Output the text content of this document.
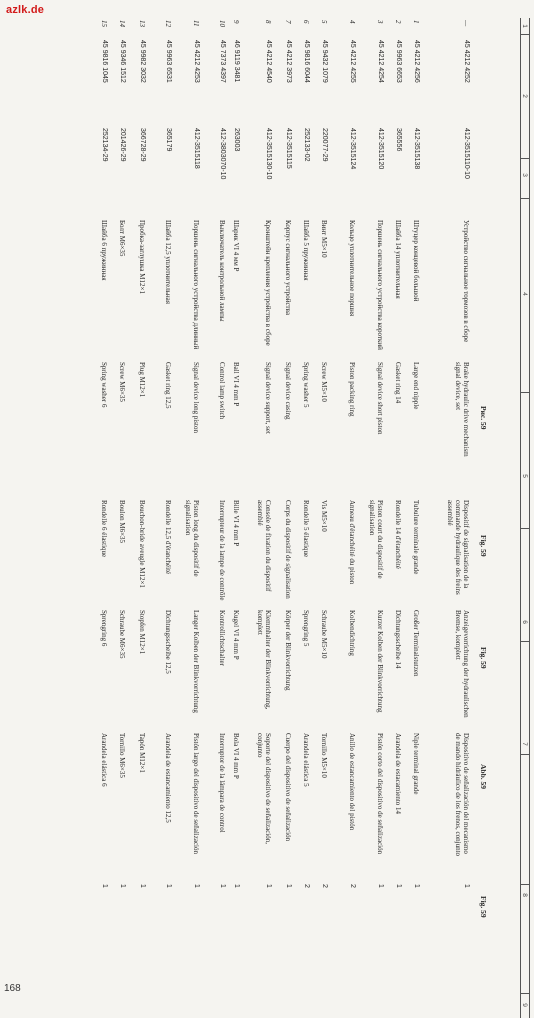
azlk.de
168
Рис. 59
Fig. 59
Fig. 59
Abb. 59
Fig. 59
1
2
3
4
5
6
7
8
9
—
45 4212 4252
412-3515110-10
Устройство сигнальное тормозов в сборе
Brake hydraulic drive mechanism signal device, set
Dispositif de signalisation de la commande hydraulique des freins assemblé
Anzeigevorrichtung der hydraulischen Bremse, komplett
Dispositivo de señalización del mecanismo de mando hidráulico de los frenos, conjunto
1
1
45 4212 4256
412-3515138
Штуцер концевой большой
Large end nipple
Tubulure terminale grande
Großer Terminalstutzen
Niple terminal grande
1
2
45 9963 6653
365556
Шайба 14 уплотнительная
Gasket ring 14
Rondelle 14 d'étanchéité
Dichtungsscheibe 14
Arandela de estacamiento 14
1
3
45 4212 4254
412-3515120
Поршень сигнального устройства короткий
Signal device short piston
Piston court du dispositif de signalisation
Kurzer Kolben der Blinkvorrichtung
Pistón corto del dispositivo de señalización
1
4
45 4212 4255
412-3515124
Кольцо уплотнительное поршня
Piston packing ring
Anneau d'étanchéité du piston
Kolbendichtring
Anillo de estancamiento del pistón
2
5
45 9432 1079
220077-29
Винт М5×10
Screw M5×10
Vis M5×10
Schraube M5×10
Tornillo M5×10
2
6
45 9816 6044
252133-02
Шайба 5 пружинная
Spring washer 5
Rondelle 5 élastique
Sprengring 5
Arandela elástica 5
2
7
45 4212 3973
412-3515115
Корпус сигнального устройства
Signal device casing
Corps du dispositif de signalisation
Körper der Blinkvorrichtung
Cuerpo del dispositivo de señalización
1
8
45 4212 4540
412-3515130-10
Кронштейн крепления устройства в сборе
Signal device support, set
Console de fixation du dispositif assemblé
Klemmhalter der Blinkvorrichtung, komplett
Soporte del dispositivo de señalización, conjunto
1
9
46 9119 3481
263003
Шарик VI 4 мм Р
Ball VI 4 mm P
Bille VI 4 mm P
Kugel VI 4 mm P
Bola VI 4 mm P
1
10
45 7373 4397
412-3803070-10
Выключатель контрольной лампы
Control lamp switch
Interrupteur de la lampe de contrôle
Kontrollichtschalter
Interruptor de la lámpara de control
1
11
45 4212 4253
412-3515118
Поршень сигнального устройства длинный
Signal device long piston
Piston long du dispositif de signalisation
Langer Kolben der Blinkvorrichtung
Pistón largo del dispositivo de señalización
1
12
45 9963 6531
365179
Шайба 12,5 уплотнительная
Gasket ring 12,5
Rondelle 12,5 d'étanchéité
Dichtungsscheibe 12,5
Arandela de estancamiento 12,5
1
13
45 9982 3032
366728-29
Пробка-заглушка М12×1
Plug M12×1
Bouchon-bride aveugle M12×1
Stopfen M12×1
Tapón M12×1
1
14
45 9346 1512
201426-29
Болт М6×35
Screw M6×35
Boulon M6×35
Schraube M6×35
Tornillo M6×35
1
15
45 9816 1045
252134-29
Шайба 6 пружинная
Spring washer 6
Rondelle 6 élastique
Sprengring 6
Arandela elástica 6
1
